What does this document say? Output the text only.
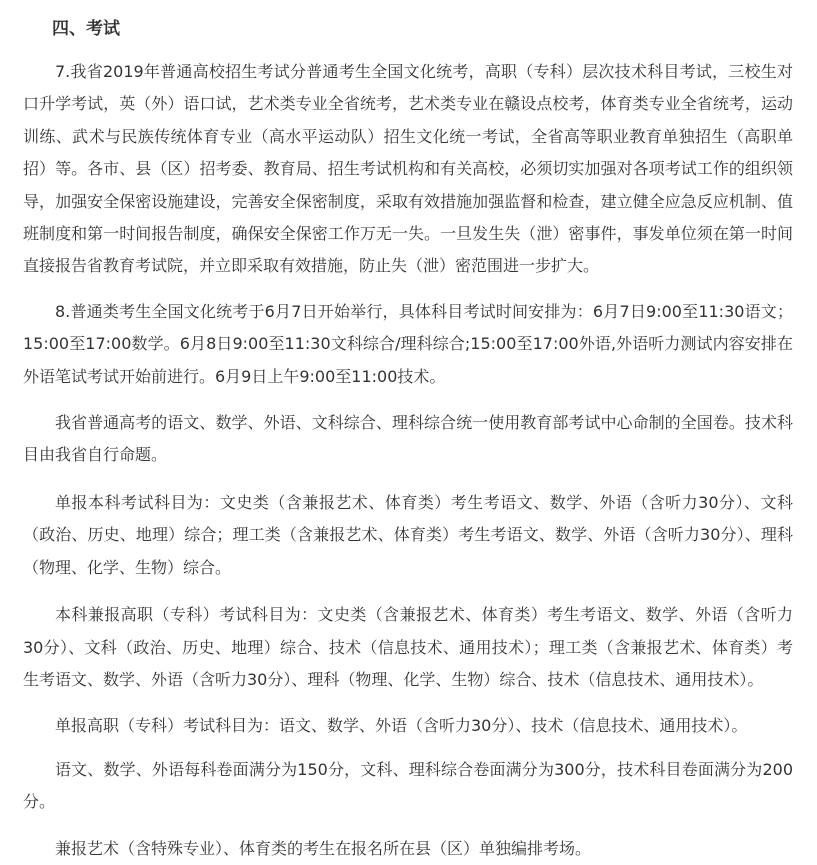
四、考试

7.我省2019年普通高校招生考试分普通考生全国文化统考，高职（专科）层次技术科目考试，三校生对口升学考试，英（外）语口试，艺术类专业全省统考，艺术类专业在赣设点校考，体育类专业全省统考，运动训练、武术与民族传统体育专业（高水平运动队）招生文化统一考试，全省高等职业教育单独招生（高职单招）等。各市、县（区）招考委、教育局、招生考试机构和有关高校，必须切实加强对各项考试工作的组织领导，加强安全保密设施建设，完善安全保密制度，采取有效措施加强监督和检查，建立健全应急反应机制、值班制度和第一时间报告制度，确保安全保密工作万无一失。一旦发生失（泄）密事件，事发单位须在第一时间直接报告省教育考试院，并立即采取有效措施，防止失（泄）密范围进一步扩大。

8.普通类考生全国文化统考于6月7日开始举行，具体科目考试时间安排为：6月7日9:00至11:30语文；15:00至17:00数学。6月8日9:00至11:30文科综合/理科综合;15:00至17:00外语,外语听力测试内容安排在外语笔试考试开始前进行。6月9日上午9:00至11:00技术。

我省普通高考的语文、数学、外语、文科综合、理科综合统一使用教育部考试中心命制的全国卷。技术科目由我省自行命题。

单报本科考试科目为：文史类（含兼报艺术、体育类）考生考语文、数学、外语（含听力30分）、文科（政治、历史、地理）综合；理工类（含兼报艺术、体育类）考生考语文、数学、外语（含听力30分）、理科（物理、化学、生物）综合。

本科兼报高职（专科）考试科目为：文史类（含兼报艺术、体育类）考生考语文、数学、外语（含听力30分）、文科（政治、历史、地理）综合、技术（信息技术、通用技术）；理工类（含兼报艺术、体育类）考生考语文、数学、外语（含听力30分）、理科（物理、化学、生物）综合、技术（信息技术、通用技术）。

单报高职（专科）考试科目为：语文、数学、外语（含听力30分）、技术（信息技术、通用技术）。

语文、数学、外语每科卷面满分为150分，文科、理科综合卷面满分为300分，技术科目卷面满分为200分。

兼报艺术（含特殊专业）、体育类的考生在报名所在县（区）单独编排考场。
